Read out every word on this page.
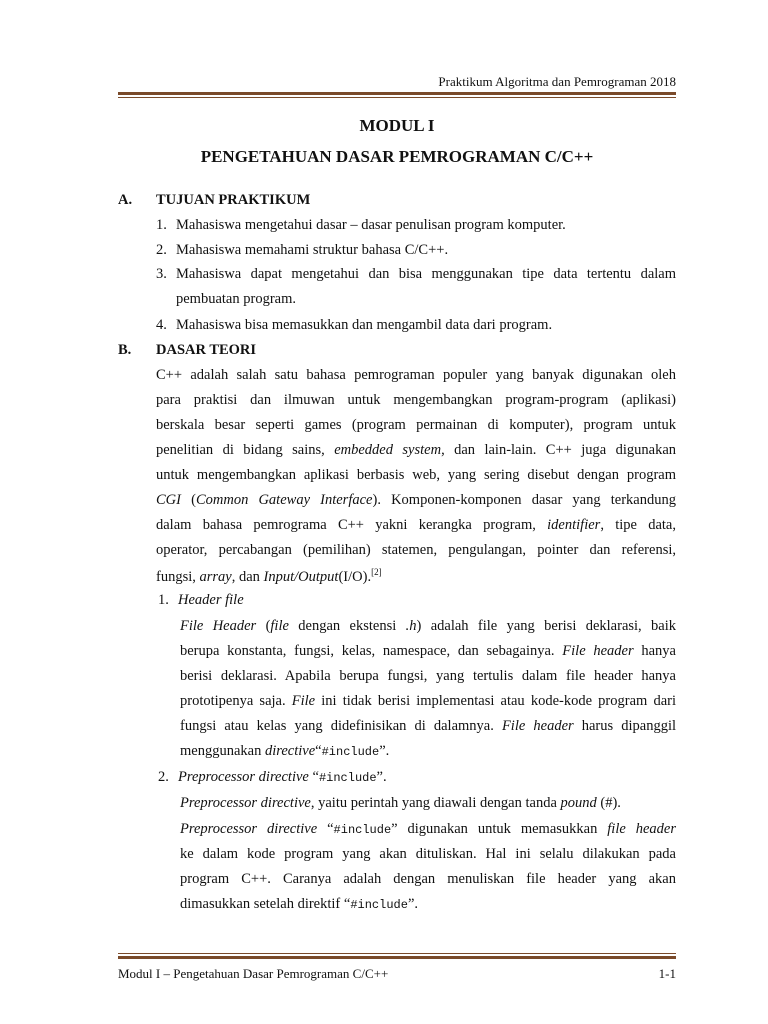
Praktikum Algoritma dan Pemrograman 2018
MODUL I
PENGETAHUAN DASAR PEMROGRAMAN C/C++
A. TUJUAN PRAKTIKUM
1. Mahasiswa mengetahui dasar – dasar penulisan program komputer.
2. Mahasiswa memahami struktur bahasa C/C++.
3. Mahasiswa dapat mengetahui dan bisa menggunakan tipe data tertentu dalam
pembuatan program.
4. Mahasiswa bisa memasukkan dan mengambil data dari program.
B. DASAR TEORI
C++ adalah salah satu bahasa pemrograman populer yang banyak digunakan oleh
para praktisi dan ilmuwan untuk mengembangkan program-program (aplikasi)
berskala besar seperti games (program permainan di komputer), program untuk
penelitian di bidang sains, embedded system, dan lain-lain. C++ juga digunakan
untuk mengembangkan aplikasi berbasis web, yang sering disebut dengan program
CGI (Common Gateway Interface). Komponen-komponen dasar yang terkandung
dalam bahasa pemrograma C++ yakni kerangka program, identifier, tipe data,
operator, percabangan (pemilihan) statemen, pengulangan, pointer dan referensi,
fungsi, array, dan Input/Output(I/O).[2]
1. Header file
File Header (file dengan ekstensi .h) adalah file yang berisi deklarasi, baik
berupa konstanta, fungsi, kelas, namespace, dan sebagainya. File header hanya
berisi deklarasi. Apabila berupa fungsi, yang tertulis dalam file header hanya
prototipenya saja. File ini tidak berisi implementasi atau kode-kode program dari
fungsi atau kelas yang didefinisikan di dalamnya. File header harus dipanggil
menggunakan directive“#include”.
2. Preprocessor directive “#include”.
Preprocessor directive, yaitu perintah yang diawali dengan tanda pound (#).
Preprocessor directive “#include” digunakan untuk memasukkan file header
ke dalam kode program yang akan dituliskan. Hal ini selalu dilakukan pada
program C++. Caranya adalah dengan menuliskan file header yang akan
dimasukkan setelah direktif “#include”.
Modul I – Pengetahuan Dasar Pemrograman C/C++	1-1
